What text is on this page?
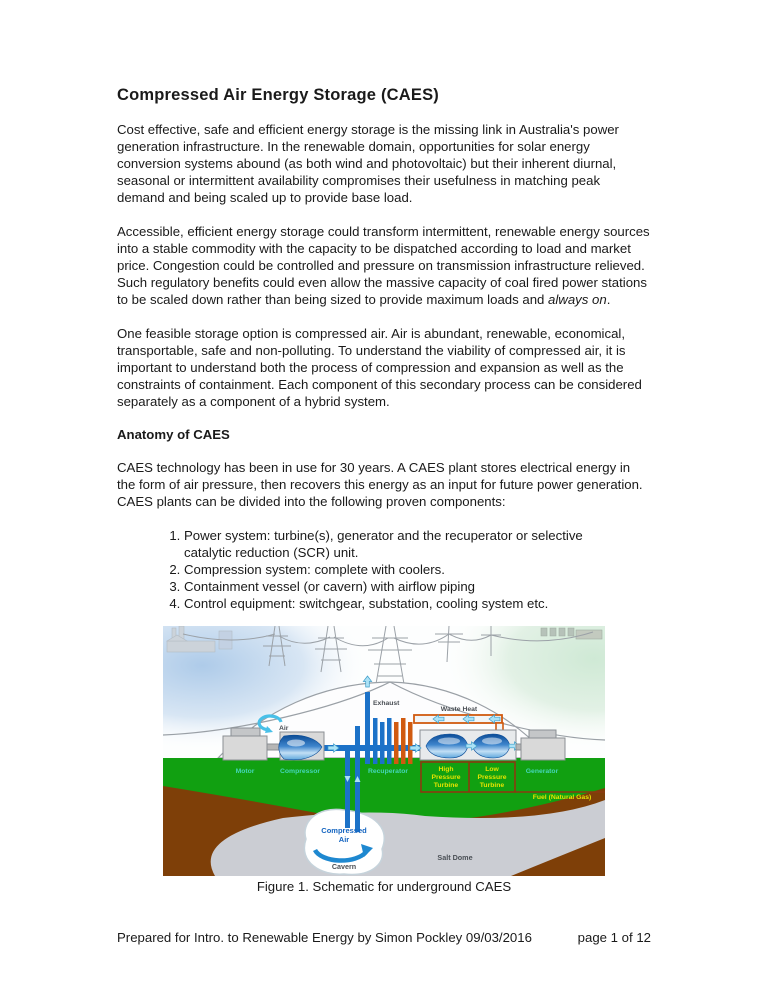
Compressed Air Energy Storage (CAES)

Cost effective, safe and efficient energy storage is the missing link in Australia's power generation infrastructure. In the renewable domain, opportunities for solar energy conversion systems abound (as both wind and photovoltaic) but their inherent diurnal, seasonal or intermittent availability compromises their usefulness in matching peak demand and being scaled up to provide base load.

Accessible, efficient energy storage could transform intermittent, renewable energy sources into a stable commodity with the capacity to be dispatched according to load and market price. Congestion could be controlled and pressure on transmission infrastructure relieved. Such regulatory benefits could even allow the massive capacity of coal fired power stations to be scaled down rather than being sized to provide maximum loads and always on.

One feasible storage option is compressed air. Air is abundant, renewable, economical, transportable, safe and non-polluting. To understand the viability of compressed air, it is important to understand both the process of compression and expansion as well as the constraints of containment. Each component of this secondary process can be considered separately as a component of a hybrid system.

Anatomy of CAES

CAES technology has been in use for 30 years. A CAES plant stores electrical energy in the form of air pressure, then recovers this energy as an input for future power generation. CAES plants can be divided into the following proven components:

1. Power system: turbine(s), generator and the recuperator or selective catalytic reduction (SCR) unit.
2. Compression system: complete with coolers.
3. Containment vessel (or cavern) with airflow piping
4. Control equipment: switchgear, substation, cooling system etc.
Exhaust
Air
Waste Heat
Motor	Compressor	Recuperator	Generator
High
Pressure
Turbine
Low
Pressure
Turbine
Fuel (Natural Gas)
Compressed
Air
Cavern
Salt Dome
Figure 1. Schematic for underground CAES
Prepared for Intro. to Renewable Energy by Simon Pockley 09/03/2016	page 1 of 12
